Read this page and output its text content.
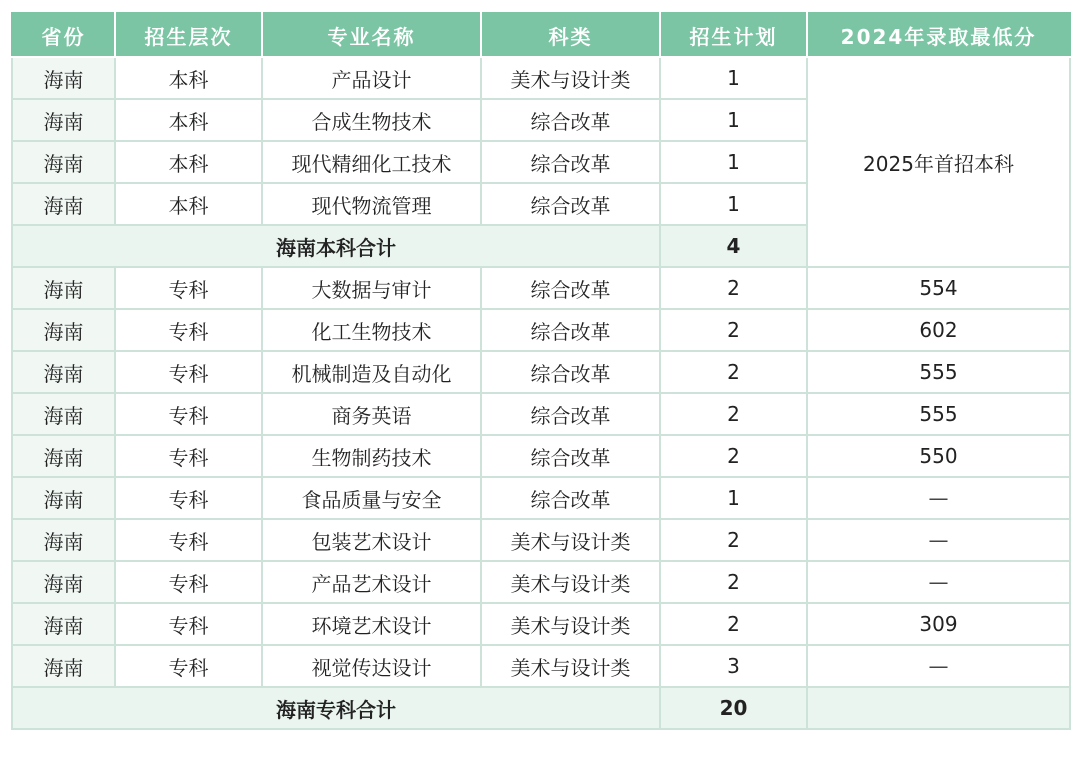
省份	招生层次	专业名称	科类	招生计划	2024年录取最低分
海南	本科	产品设计	美术与设计类	1	2025年首招本科
海南	本科	合成生物技术	综合改革	1	
海南	本科	现代精细化工技术	综合改革	1	
海南	本科	现代物流管理	综合改革	1	
海南本科合计				4	
海南	专科	大数据与审计	综合改革	2	554
海南	专科	化工生物技术	综合改革	2	602
海南	专科	机械制造及自动化	综合改革	2	555
海南	专科	商务英语	综合改革	2	555
海南	专科	生物制药技术	综合改革	2	550
海南	专科	食品质量与安全	综合改革	1	—
海南	专科	包装艺术设计	美术与设计类	2	—
海南	专科	产品艺术设计	美术与设计类	2	—
海南	专科	环境艺术设计	美术与设计类	2	309
海南	专科	视觉传达设计	美术与设计类	3	—
海南专科合计				20	
